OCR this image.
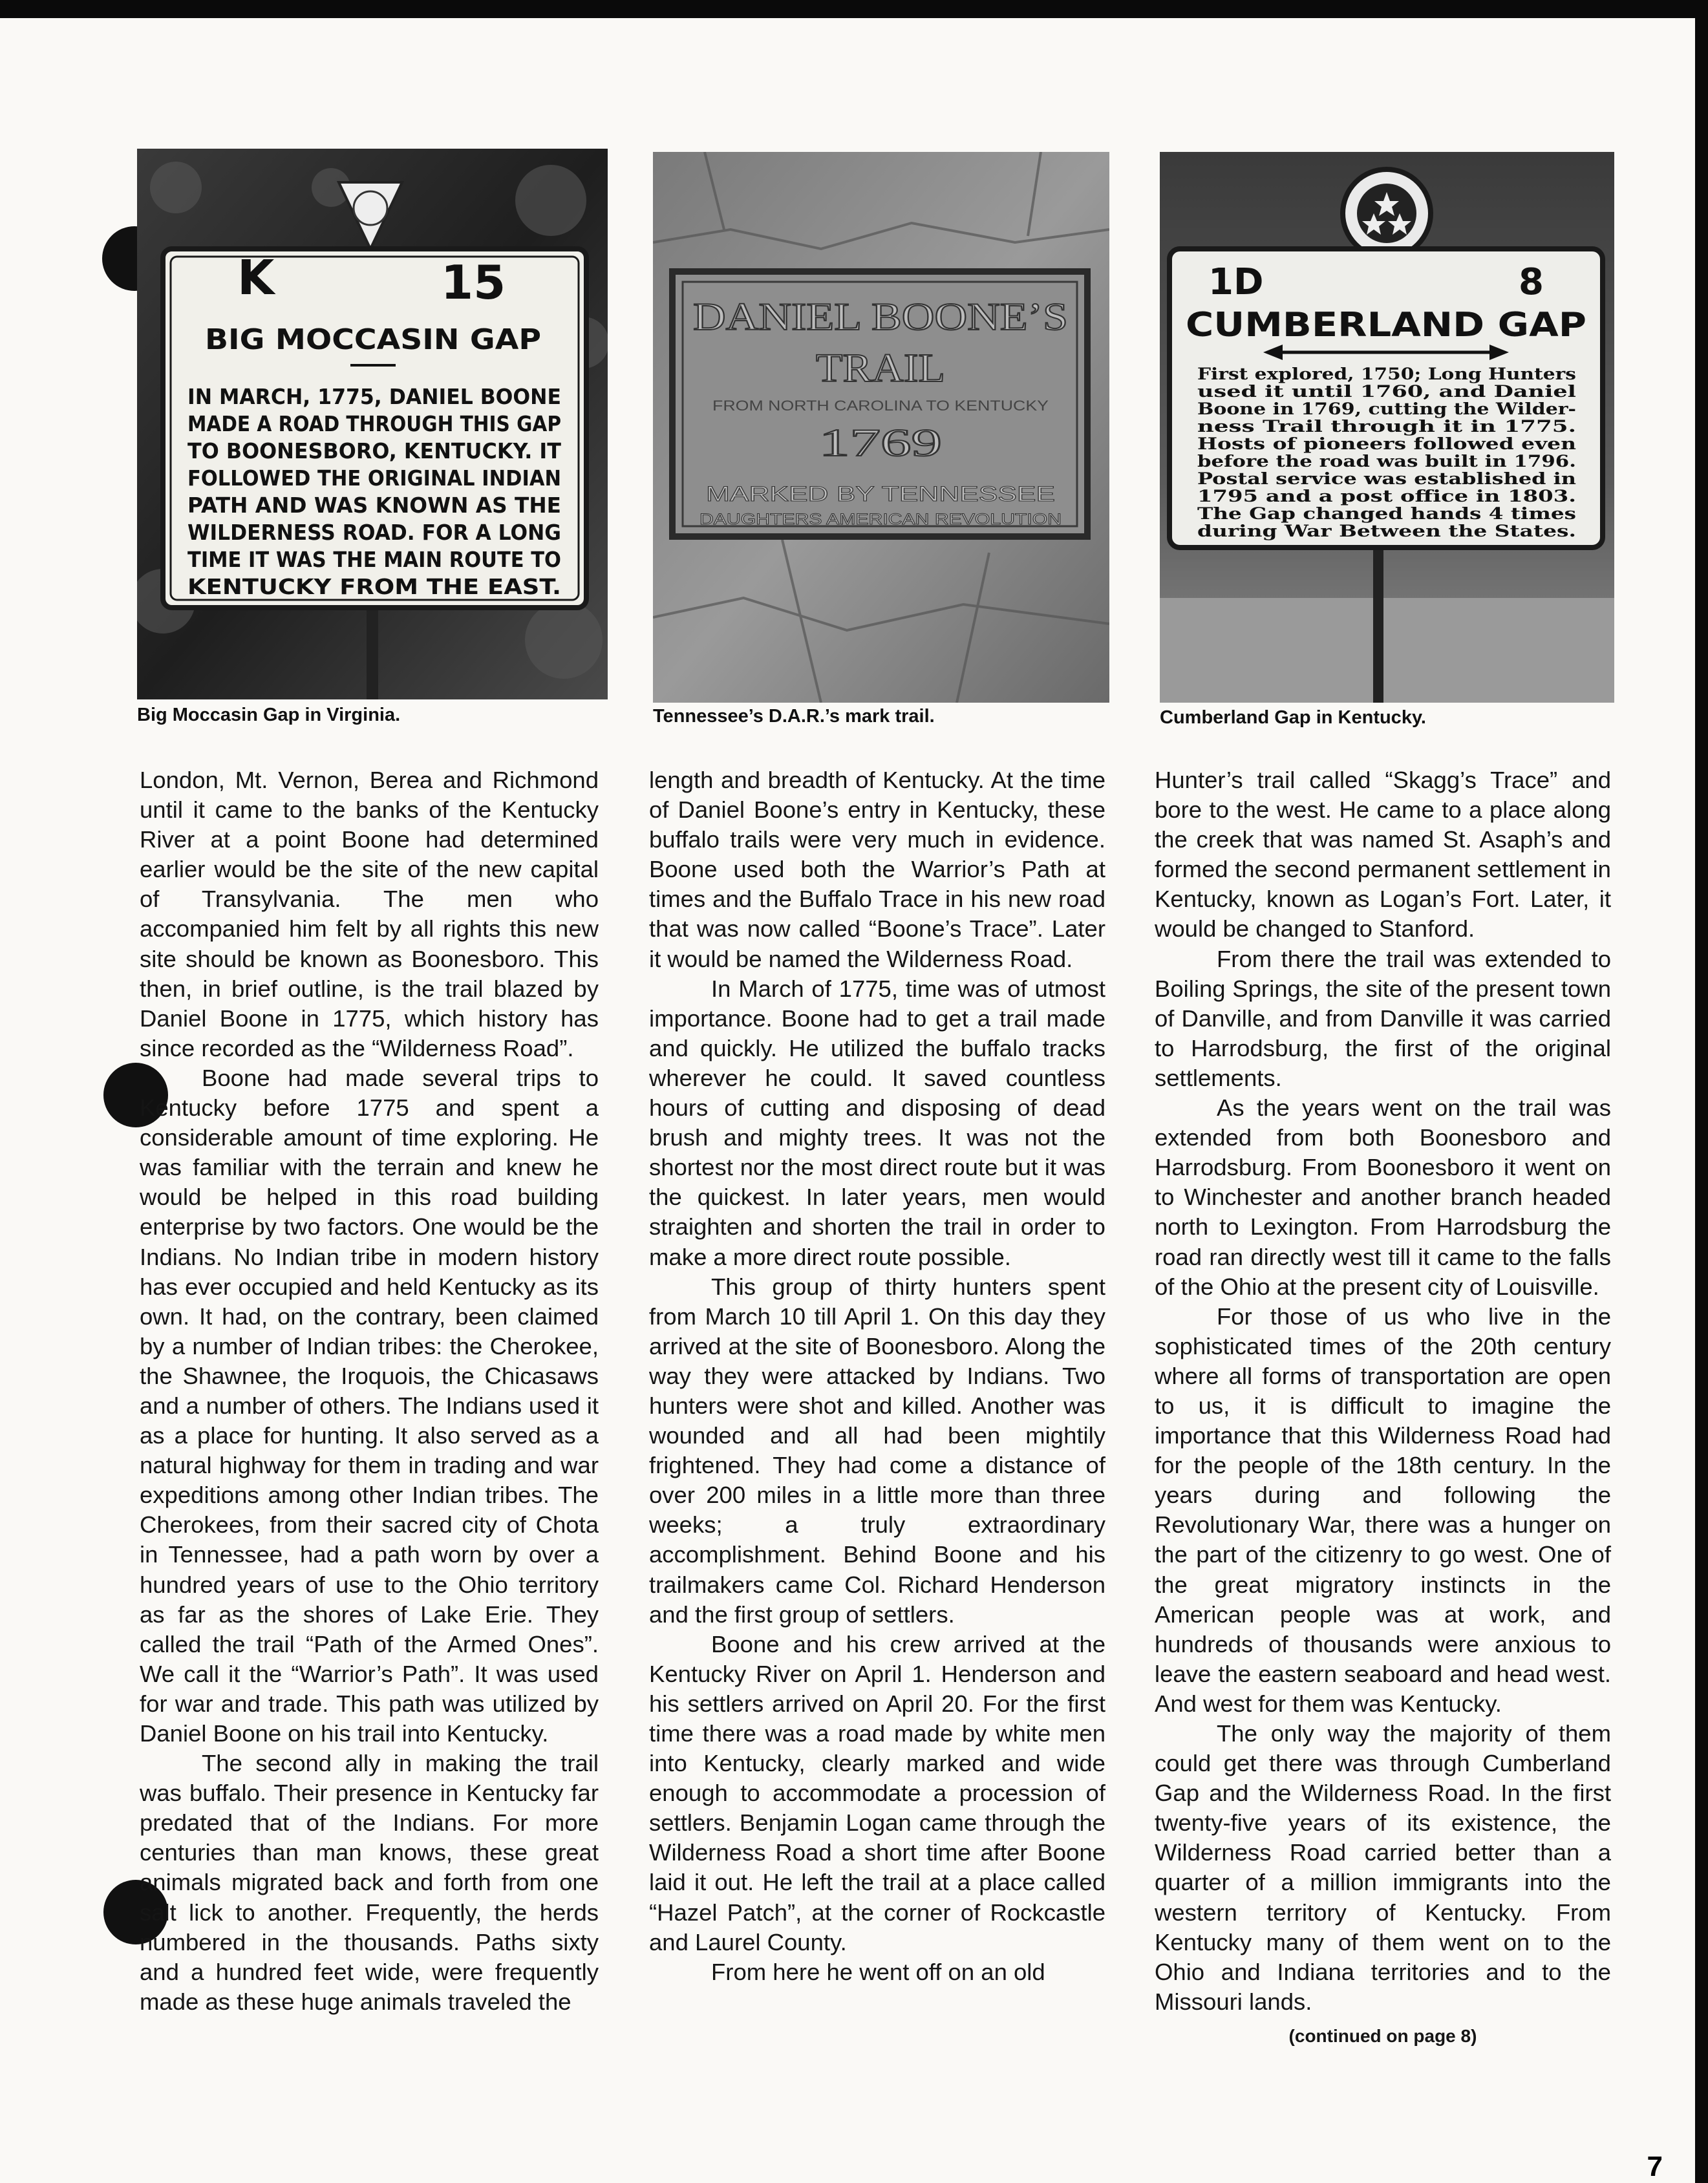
K	15
BIG MOCCASIN GAP
IN MARCH, 1775, DANIEL BOONE
MADE A ROAD THROUGH THIS GAP
TO BOONESBORO, KENTUCKY. IT
FOLLOWED THE ORIGINAL INDIAN
PATH AND WAS KNOWN AS THE
WILDERNESS ROAD. FOR A LONG
TIME IT WAS THE MAIN ROUTE TO
KENTUCKY FROM THE EAST.
Big Moccasin Gap in Virginia.
DANIEL BOONE’S
TRAIL
FROM NORTH CAROLINA TO KENTUCKY
1769
MARKED BY TENNESSEE
DAUGHTERS AMERICAN REVOLUTION
Tennessee’s D.A.R.’s mark trail.
1D	8
CUMBERLAND GAP
First explored, 1750; Long Hunters
used it until 1760, and Daniel
Boone in 1769, cutting the Wilder-
ness Trail through it in 1775.
Hosts of pioneers followed even
before the road was built in 1796.
Postal service was established in
1795 and a post office in 1803.
The Gap changed hands 4 times
during War Between the States.
Cumberland Gap in Kentucky.

London, Mt. Vernon, Berea and Richmond until it came to the banks of the Kentucky River at a point Boone had determined earlier would be the site of the new capital of Transylvania. The men who accompanied him felt by all rights this new site should be known as Boonesboro. This then, in brief outline, is the trail blazed by Daniel Boone in 1775, which history has since recorded as the “Wilderness Road”.

Boone had made several trips to Kentucky before 1775 and spent a considerable amount of time exploring. He was familiar with the terrain and knew he would be helped in this road building enterprise by two factors. One would be the Indians. No Indian tribe in modern history has ever occupied and held Kentucky as its own. It had, on the contrary, been claimed by a number of Indian tribes: the Cherokee, the Shawnee, the Iroquois, the Chicasaws and a number of others. The Indians used it as a place for hunting. It also served as a natural highway for them in trading and war expeditions among other Indian tribes. The Cherokees, from their sacred city of Chota in Tennessee, had a path worn by over a hundred years of use to the Ohio territory as far as the shores of Lake Erie. They called the trail “Path of the Armed Ones”. We call it the “Warrior’s Path”. It was used for war and trade. This path was utilized by Daniel Boone on his trail into Kentucky.

The second ally in making the trail was buffalo. Their presence in Kentucky far predated that of the Indians. For more centuries than man knows, these great animals migrated back and forth from one salt lick to another. Frequently, the herds numbered in the thousands. Paths sixty and a hundred feet wide, were frequently made as these huge animals traveled the

length and breadth of Kentucky. At the time of Daniel Boone’s entry in Kentucky, these buffalo trails were very much in evidence. Boone used both the Warrior’s Path at times and the Buffalo Trace in his new road that was now called “Boone’s Trace”. Later it would be named the Wilderness Road.

In March of 1775, time was of utmost importance. Boone had to get a trail made and quickly. He utilized the buffalo tracks wherever he could. It saved countless hours of cutting and disposing of dead brush and mighty trees. It was not the shortest nor the most direct route but it was the quickest. In later years, men would straighten and shorten the trail in order to make a more direct route possible.

This group of thirty hunters spent from March 10 till April 1. On this day they arrived at the site of Boonesboro. Along the way they were attacked by Indians. Two hunters were shot and killed. Another was wounded and all had been mightily frightened. They had come a distance of over 200 miles in a little more than three weeks; a truly extraordinary accomplishment. Behind Boone and his trailmakers came Col. Richard Henderson and the first group of settlers.

Boone and his crew arrived at the Kentucky River on April 1. Henderson and his settlers arrived on April 20. For the first time there was a road made by white men into Kentucky, clearly marked and wide enough to accommodate a procession of settlers. Benjamin Logan came through the Wilderness Road a short time after Boone laid it out. He left the trail at a place called “Hazel Patch”, at the corner of Rockcastle and Laurel County.

From here he went off on an old

Hunter’s trail called “Skagg’s Trace” and bore to the west. He came to a place along the creek that was named St. Asaph’s and formed the second permanent settlement in Kentucky, known as Logan’s Fort. Later, it would be changed to Stanford.

From there the trail was extended to Boiling Springs, the site of the present town of Danville, and from Danville it was carried to Harrodsburg, the first of the original settlements.

As the years went on the trail was extended from both Boonesboro and Harrodsburg. From Boonesboro it went on to Winchester and another branch headed north to Lexington. From Harrodsburg the road ran directly west till it came to the falls of the Ohio at the present city of Louisville.

For those of us who live in the sophisticated times of the 20th century where all forms of transportation are open to us, it is difficult to imagine the importance that this Wilderness Road had for the people of the 18th century. In the years during and following the Revolutionary War, there was a hunger on the part of the citizenry to go west. One of the great migratory instincts in the American people was at work, and hundreds of thousands were anxious to leave the eastern seaboard and head west. And west for them was Kentucky.

The only way the majority of them could get there was through Cumberland Gap and the Wilderness Road. In the first twenty-five years of its existence, the Wilderness Road carried better than a quarter of a million immigrants into the western territory of Kentucky. From Kentucky many of them went on to the Ohio and Indiana territories and to the Missouri lands.

(continued on page 8)

7
